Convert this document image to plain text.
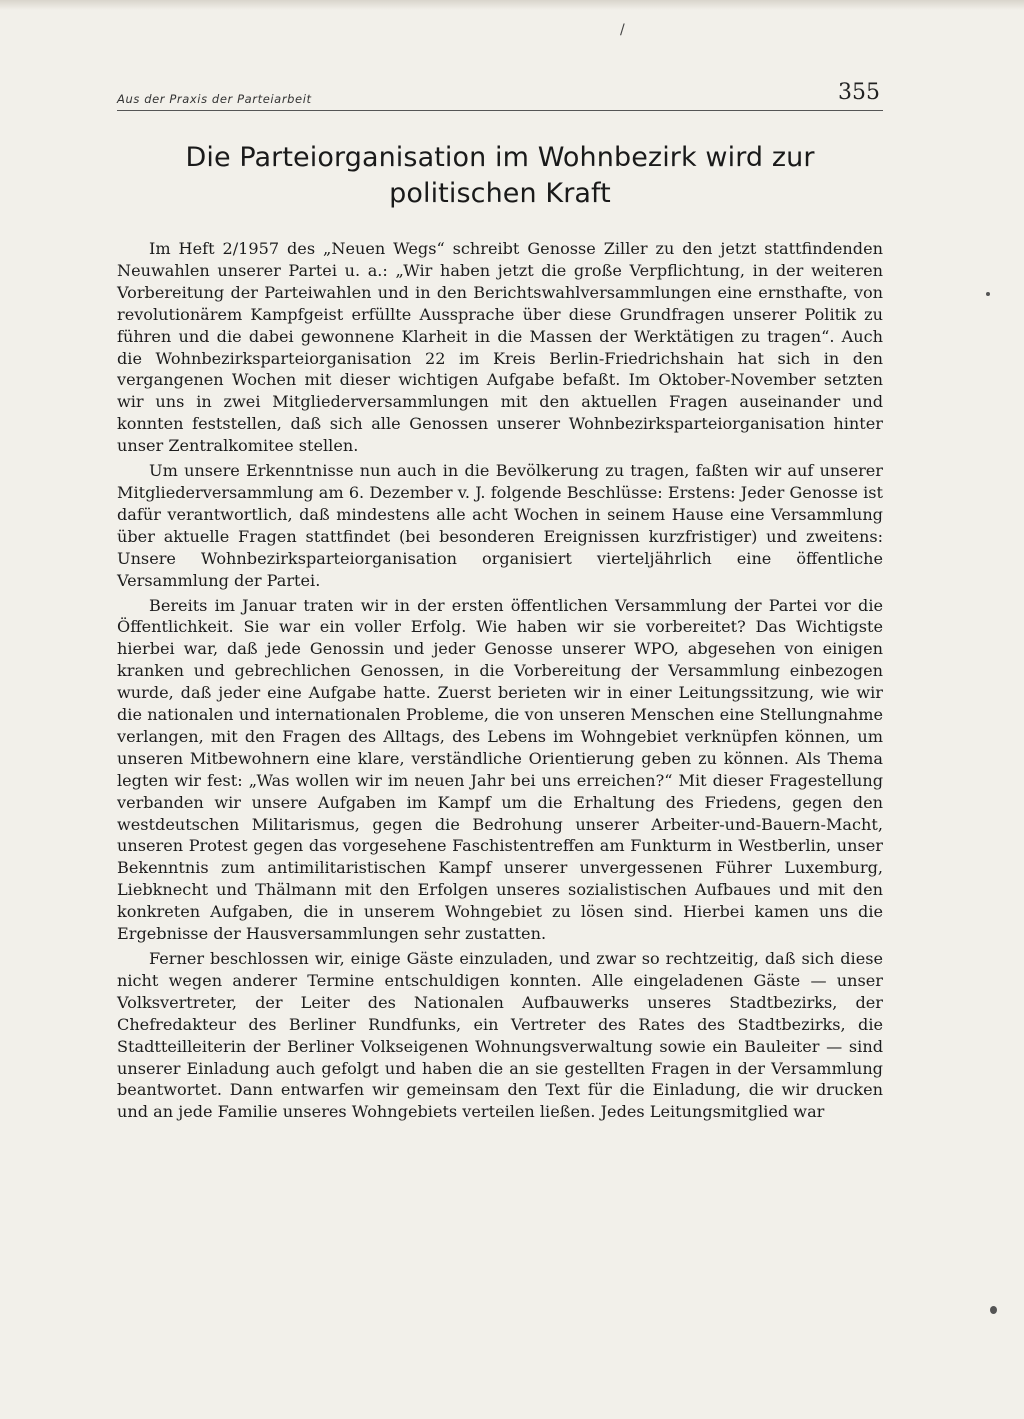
/
Aus der Praxis der Parteiarbeit	355
Die Parteiorganisation im Wohnbezirk wird zur politischen Kraft

Im Heft 2/1957 des „Neuen Wegs“ schreibt Genosse Ziller zu den jetzt stattfindenden Neuwahlen unserer Partei u. a.: „Wir haben jetzt die große Verpflichtung, in der weiteren Vorbereitung der Parteiwahlen und in den Berichtswahlversammlungen eine ernsthafte, von revolutionärem Kampfgeist erfüllte Aussprache über diese Grundfragen unserer Politik zu führen und die dabei gewonnene Klarheit in die Massen der Werktätigen zu tragen“. Auch die Wohnbezirksparteiorganisation 22 im Kreis Berlin-Friedrichshain hat sich in den vergangenen Wochen mit dieser wichtigen Aufgabe befaßt. Im Oktober-November setzten wir uns in zwei Mitgliederversammlungen mit den aktuellen Fragen auseinander und konnten feststellen, daß sich alle Genossen unserer Wohnbezirksparteiorganisation hinter unser Zentralkomitee stellen.

Um unsere Erkenntnisse nun auch in die Bevölkerung zu tragen, faßten wir auf unserer Mitgliederversammlung am 6. Dezember v. J. folgende Beschlüsse: Erstens: Jeder Genosse ist dafür verantwortlich, daß mindestens alle acht Wochen in seinem Hause eine Versammlung über aktuelle Fragen stattfindet (bei besonderen Ereignissen kurzfristiger) und zweitens: Unsere Wohnbezirksparteiorganisation organisiert vierteljährlich eine öffentliche Versammlung der Partei.

Bereits im Januar traten wir in der ersten öffentlichen Versammlung der Partei vor die Öffentlichkeit. Sie war ein voller Erfolg. Wie haben wir sie vorbereitet? Das Wichtigste hierbei war, daß jede Genossin und jeder Genosse unserer WPO, abgesehen von einigen kranken und gebrechlichen Genossen, in die Vorbereitung der Versammlung einbezogen wurde, daß jeder eine Aufgabe hatte. Zuerst berieten wir in einer Leitungssitzung, wie wir die nationalen und internationalen Probleme, die von unseren Menschen eine Stellungnahme verlangen, mit den Fragen des Alltags, des Lebens im Wohngebiet verknüpfen können, um unseren Mitbewohnern eine klare, verständliche Orientierung geben zu können. Als Thema legten wir fest: „Was wollen wir im neuen Jahr bei uns erreichen?“ Mit dieser Fragestellung verbanden wir unsere Aufgaben im Kampf um die Erhaltung des Friedens, gegen den westdeutschen Militarismus, gegen die Bedrohung unserer Arbeiter-und-Bauern-Macht, unseren Protest gegen das vorgesehene Faschistentreffen am Funkturm in Westberlin, unser Bekenntnis zum antimilitaristischen Kampf unserer unvergessenen Führer Luxemburg, Liebknecht und Thälmann mit den Erfolgen unseres sozialistischen Aufbaues und mit den konkreten Aufgaben, die in unserem Wohngebiet zu lösen sind. Hierbei kamen uns die Ergebnisse der Hausversammlungen sehr zustatten.

Ferner beschlossen wir, einige Gäste einzuladen, und zwar so rechtzeitig, daß sich diese nicht wegen anderer Termine entschuldigen konnten. Alle eingeladenen Gäste — unser Volksvertreter, der Leiter des Nationalen Aufbauwerks unseres Stadtbezirks, der Chefredakteur des Berliner Rundfunks, ein Vertreter des Rates des Stadtbezirks, die Stadtteilleiterin der Berliner Volkseigenen Wohnungsverwaltung sowie ein Bauleiter — sind unserer Einladung auch gefolgt und haben die an sie gestellten Fragen in der Versammlung beantwortet. Dann entwarfen wir gemeinsam den Text für die Einladung, die wir drucken und an jede Familie unseres Wohngebiets verteilen ließen. Jedes Leitungsmitglied war
